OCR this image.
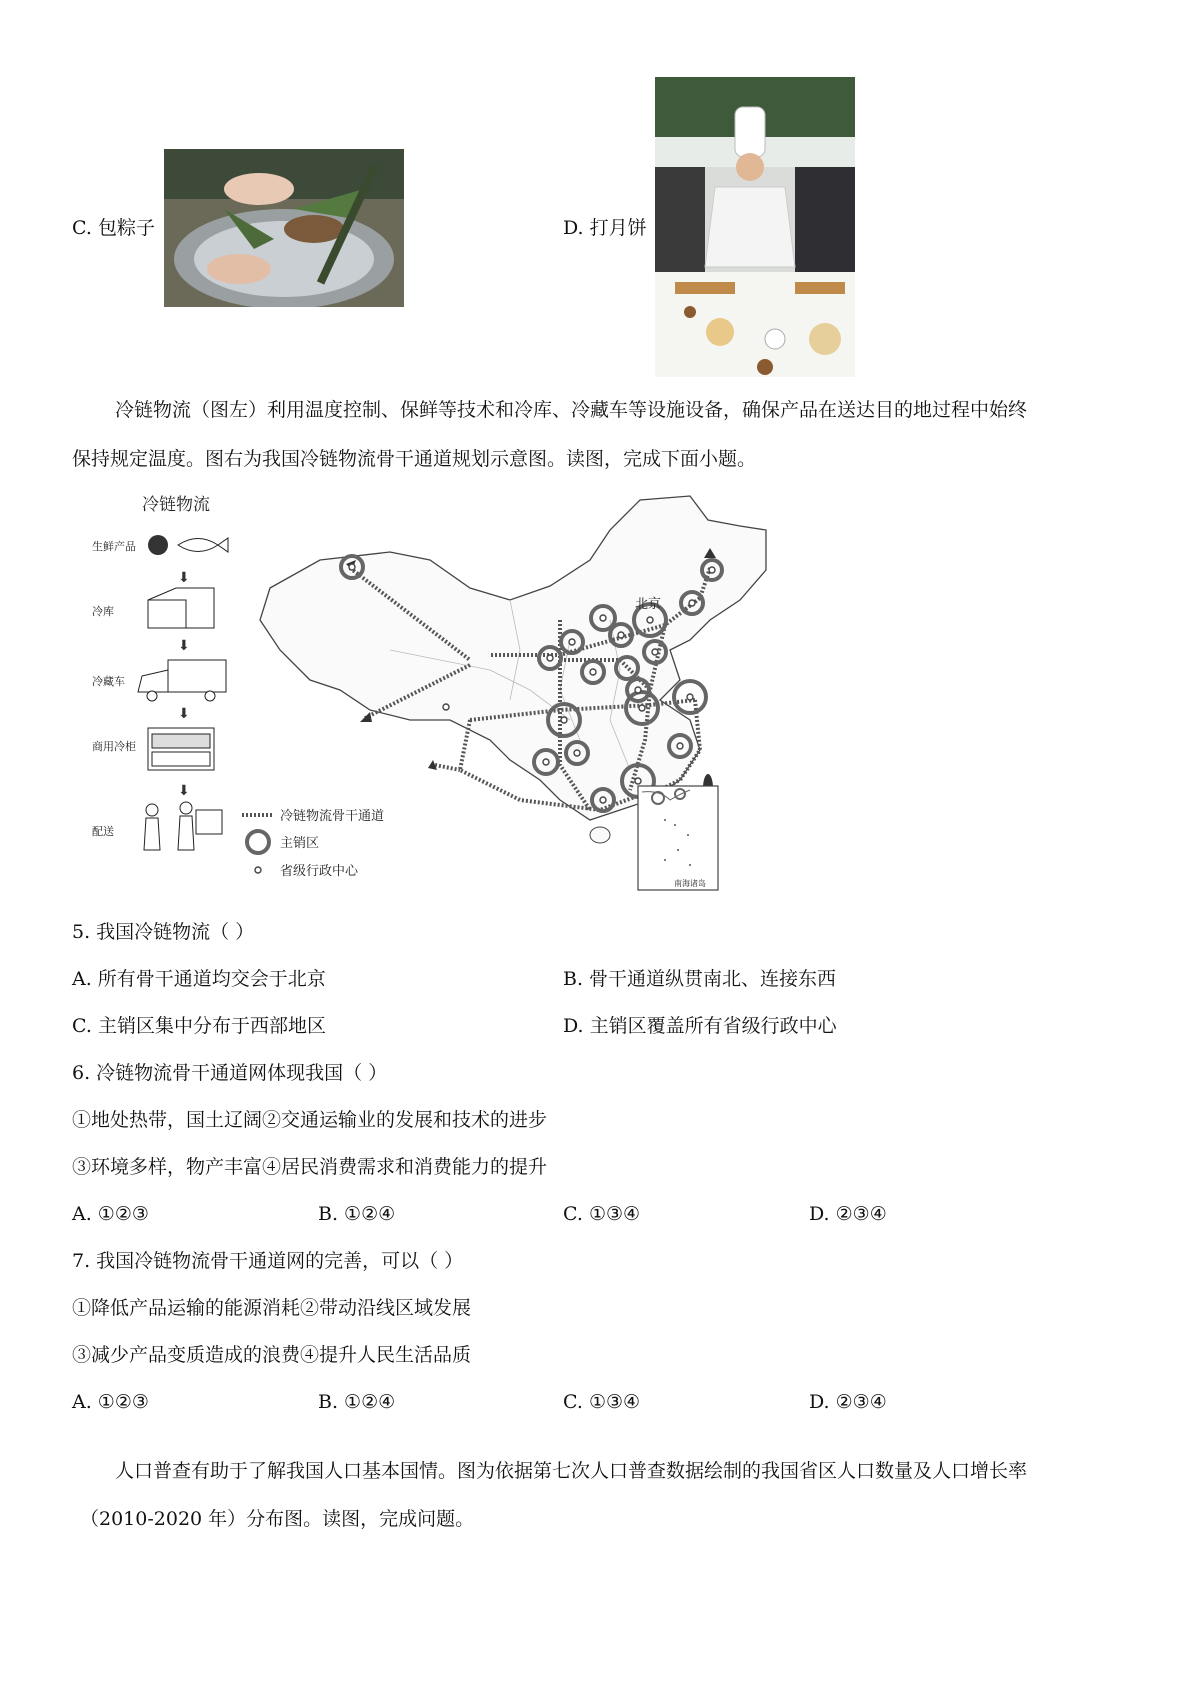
C. 包粽子	D. 打月饼
冷链物流（图左）利用温度控制、保鲜等技术和冷库、冷藏车等设施设备，确保产品在送达目的地过程中始终
保持规定温度。图右为我国冷链物流骨干通道规划示意图。读图，完成下面小题。
冷链物流
生鲜产品
⬇
冷库
⬇
冷藏车
⬇
商用冷柜
⬇
配送
北京
南海诸岛
冷链物流骨干通道
主销区
省级行政中心
5. 我国冷链物流（ ）
A. 所有骨干通道均交会于北京	B. 骨干通道纵贯南北、连接东西
C. 主销区集中分布于西部地区	D. 主销区覆盖所有省级行政中心
6. 冷链物流骨干通道网体现我国（ ）
①地处热带，国土辽阔②交通运输业的发展和技术的进步
③环境多样，物产丰富④居民消费需求和消费能力的提升
A. ①②③	B. ①②④	C. ①③④	D. ②③④
7. 我国冷链物流骨干通道网的完善，可以（ ）
①降低产品运输的能源消耗②带动沿线区域发展
③减少产品变质造成的浪费④提升人民生活品质
A. ①②③	B. ①②④	C. ①③④	D. ②③④
人口普查有助于了解我国人口基本国情。图为依据第七次人口普查数据绘制的我国省区人口数量及人口增长率
（2010-2020 年）分布图。读图，完成问题。
